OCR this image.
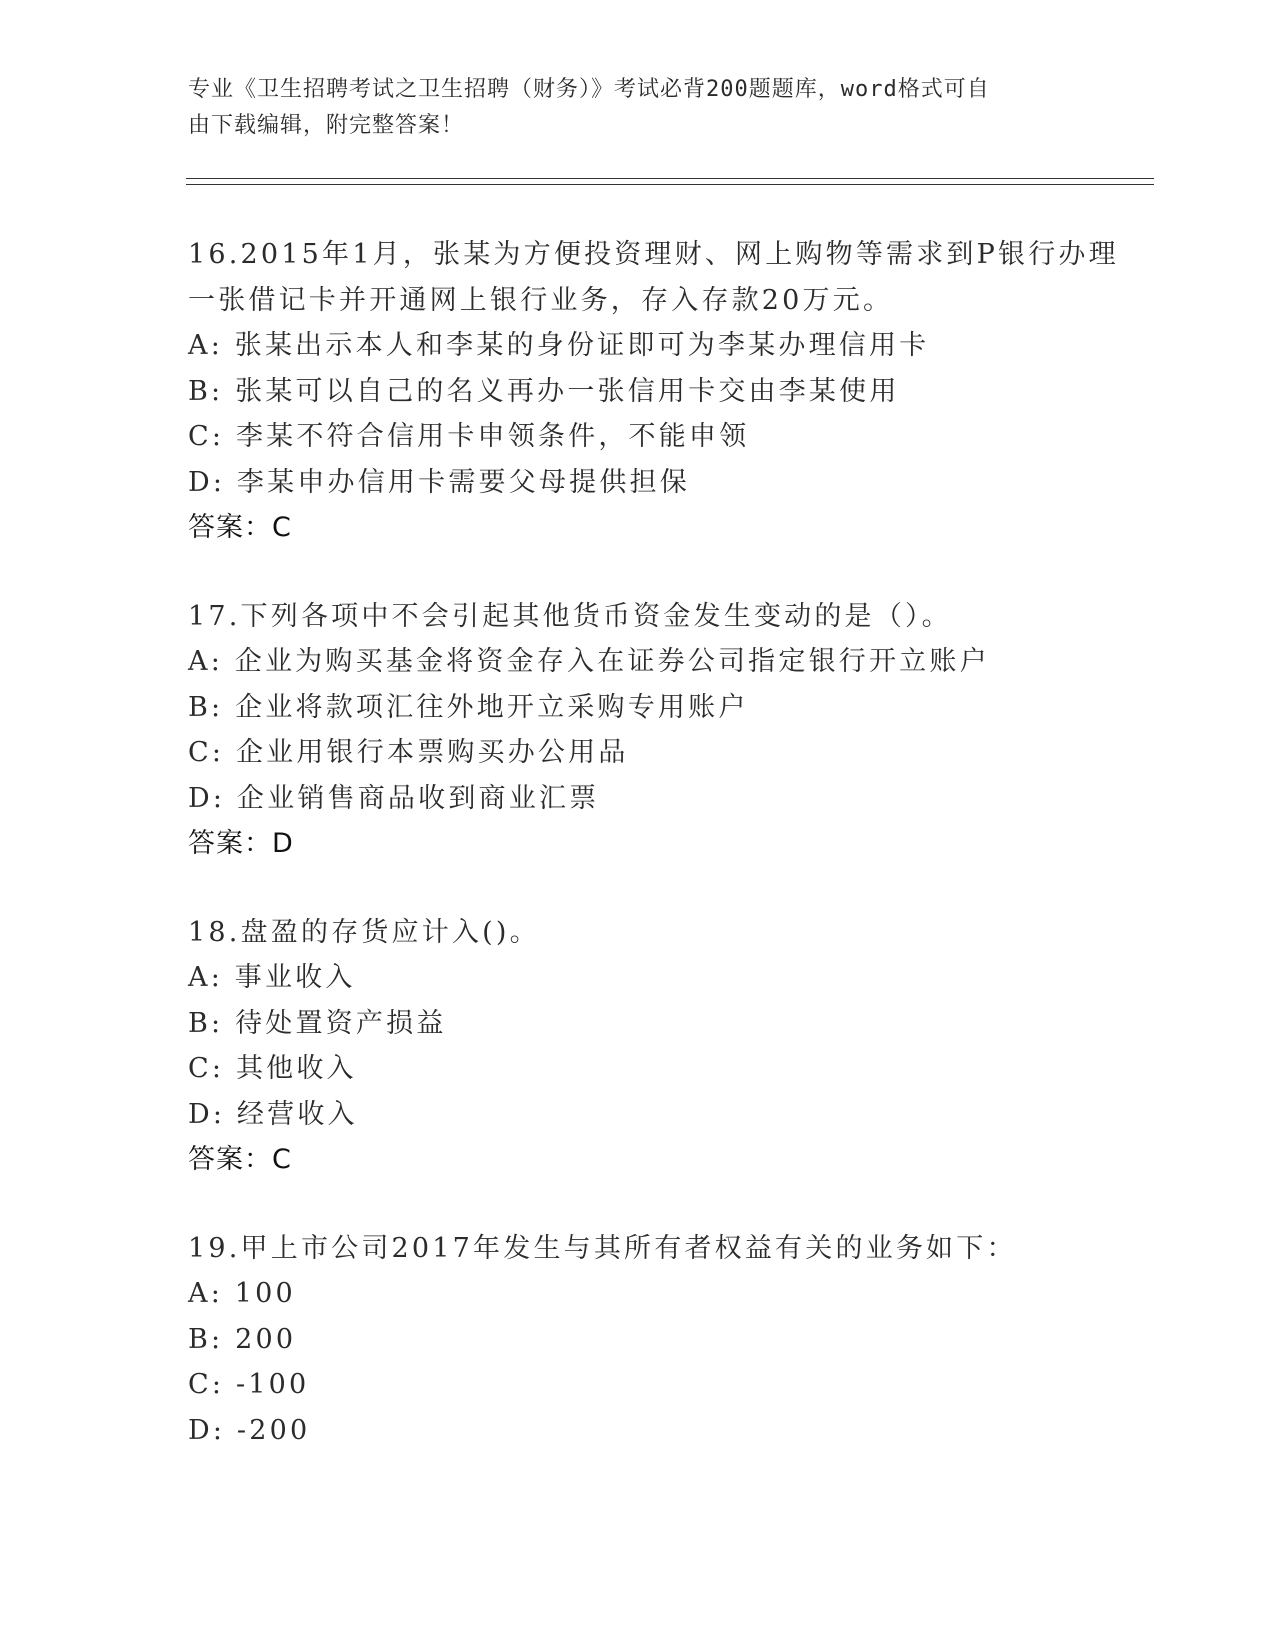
专业《卫生招聘考试之卫生招聘（财务）》考试必背200题题库，word格式可自
由下载编辑，附完整答案！
16.2015年1月，张某为方便投资理财、网上购物等需求到P银行办理
一张借记卡并开通网上银行业务，存入存款20万元。
A: 张某出示本人和李某的身份证即可为李某办理信用卡
B: 张某可以自己的名义再办一张信用卡交由李某使用
C: 李某不符合信用卡申领条件，不能申领
D: 李某申办信用卡需要父母提供担保
答案：C
17.下列各项中不会引起其他货币资金发生变动的是（）。
A: 企业为购买基金将资金存入在证券公司指定银行开立账户
B: 企业将款项汇往外地开立采购专用账户
C: 企业用银行本票购买办公用品
D: 企业销售商品收到商业汇票
答案：D
18.盘盈的存货应计入()。
A: 事业收入
B: 待处置资产损益
C: 其他收入
D: 经营收入
答案：C
19.甲上市公司2017年发生与其所有者权益有关的业务如下：
A: 100
B: 200
C: -100
D: -200
